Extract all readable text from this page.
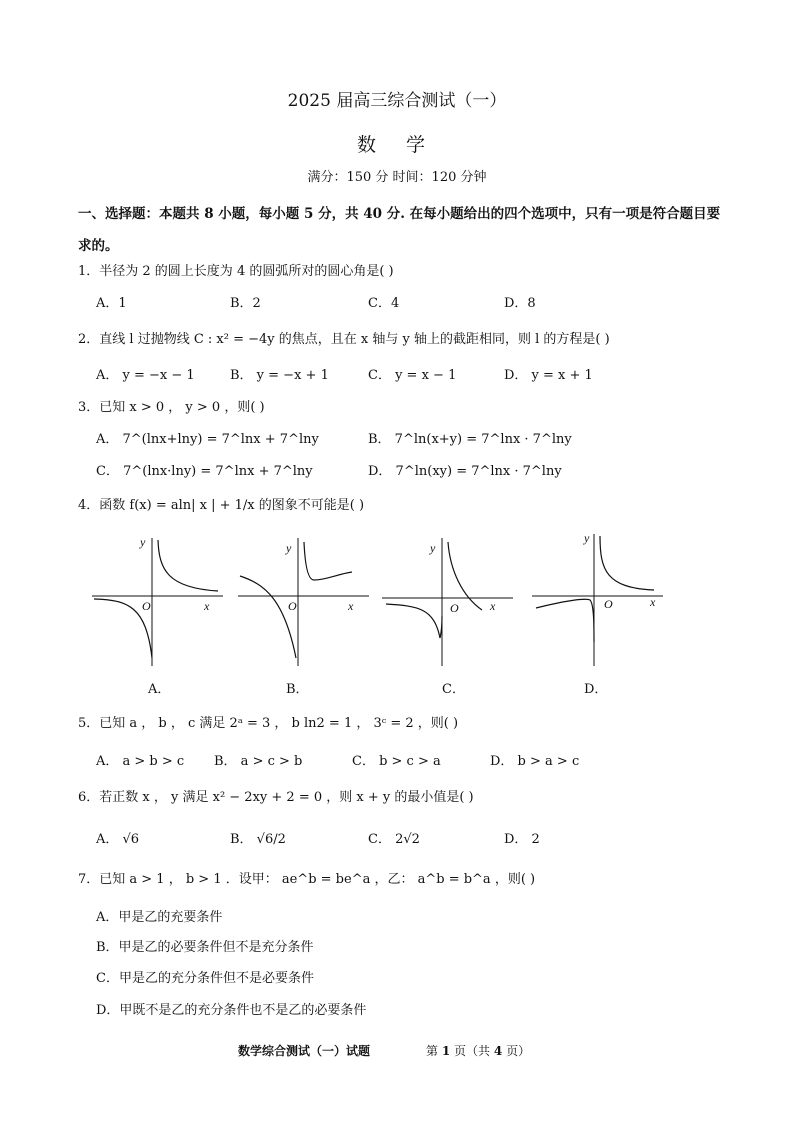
2025 届高三综合测试（一）
数 学
满分：150 分 时间：120 分钟
一、选择题：本题共 8 小题，每小题 5 分，共 40 分. 在每小题给出的四个选项中，只有一项是符合题目要求的。
1．半径为 2 的圆上长度为 4 的圆弧所对的圆心角是( )
A．1	B．2	C．4	D．8
2．直线 l 过抛物线 C : x² = −4y 的焦点，且在 x 轴与 y 轴上的截距相同，则 l 的方程是( )
A． y = −x − 1	B． y = −x + 1	C． y = x − 1	D． y = x + 1
3．已知 x > 0 ， y > 0 ，则( )
A． 7^(lnx+lny) = 7^lnx + 7^lny	B． 7^ln(x+y) = 7^lnx · 7^lny
C． 7^(lnx·lny) = 7^lnx + 7^lny	D． 7^ln(xy) = 7^lnx · 7^lny
4．函数 f(x) = aln| x | + 1/x 的图象不可能是( )
y
O	x
A．
y
O	x
B．
y
O	x
C．
y
O	x
D．
5．已知 a ， b ， c 满足 2ᵃ = 3 ， b ln2 = 1 ， 3ᶜ = 2 ，则( )
A． a > b > c B． a > c > b	C． b > c > a	D． b > a > c
6．若正数 x ， y 满足 x² − 2xy + 2 = 0 ，则 x + y 的最小值是( )
A． √6	B． √6/2	C． 2√2	D． 2
7．已知 a > 1 ， b > 1 ．设甲： ae^b = be^a ，乙： a^b = b^a ，则( )
A．甲是乙的充要条件
B．甲是乙的必要条件但不是充分条件
C．甲是乙的充分条件但不是必要条件
D．甲既不是乙的充分条件也不是乙的必要条件
数学综合测试（一）试题	第 1 页（共 4 页）
